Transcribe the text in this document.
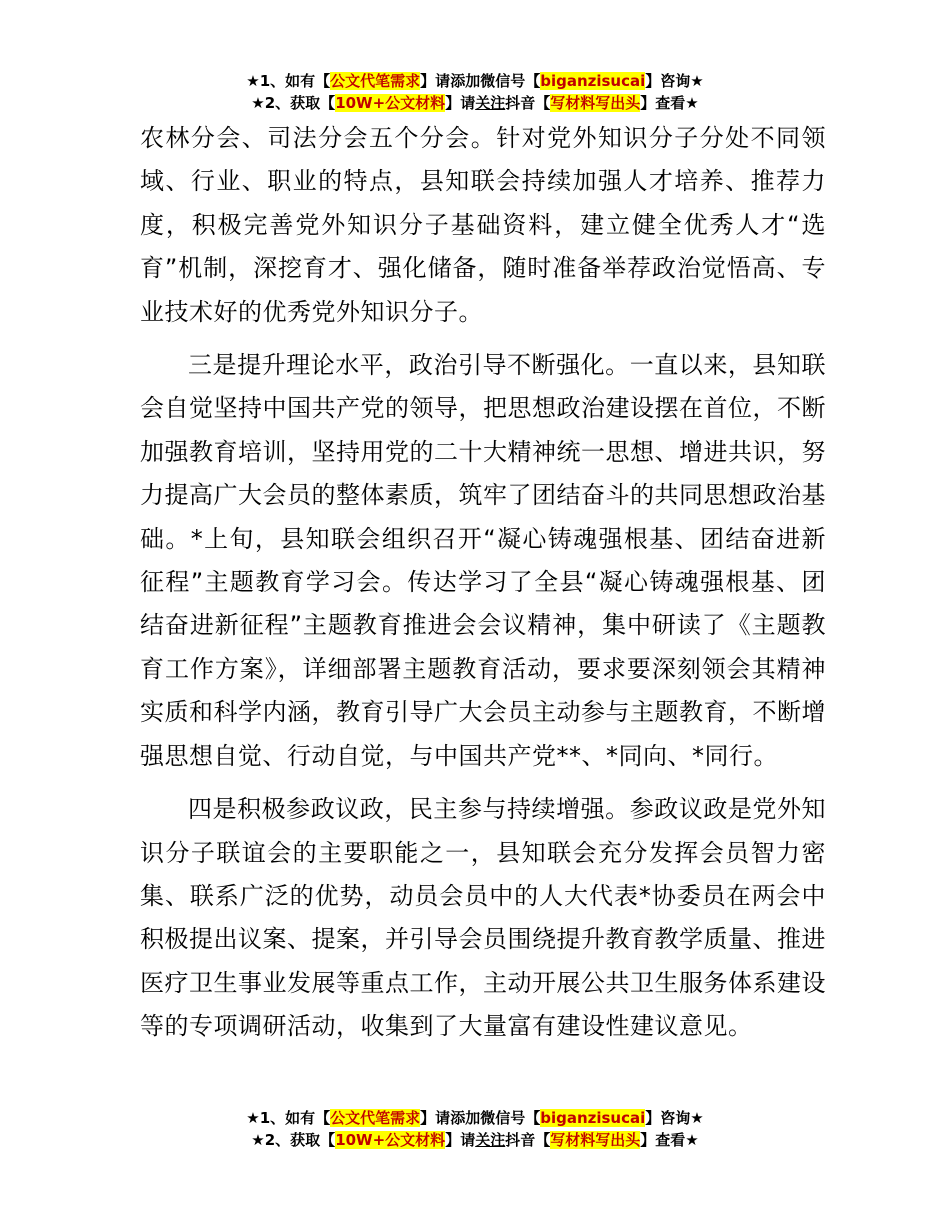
★1、如有【公文代笔需求】请添加微信号【biganzisucai】咨询★
★2、获取【10W+公文材料】请关注抖音【写材料写出头】查看★

农林分会、司法分会五个分会。针对党外知识分子分处不同领域、行业、职业的特点，县知联会持续加强人才培养、推荐力度，积极完善党外知识分子基础资料，建立健全优秀人才“选育”机制，深挖育才、强化储备，随时准备举荐政治觉悟高、专业技术好的优秀党外知识分子。

三是提升理论水平，政治引导不断强化。一直以来，县知联会自觉坚持中国共产党的领导，把思想政治建设摆在首位，不断加强教育培训，坚持用党的二十大精神统一思想、增进共识，努力提高广大会员的整体素质，筑牢了团结奋斗的共同思想政治基础。*上旬，县知联会组织召开“凝心铸魂强根基、团结奋进新征程”主题教育学习会。传达学习了全县“凝心铸魂强根基、团结奋进新征程”主题教育推进会会议精神，集中研读了《主题教育工作方案》，详细部署主题教育活动，要求要深刻领会其精神实质和科学内涵，教育引导广大会员主动参与主题教育，不断增强思想自觉、行动自觉，与中国共产党**、*同向、*同行。

四是积极参政议政，民主参与持续增强。参政议政是党外知识分子联谊会的主要职能之一，县知联会充分发挥会员智力密集、联系广泛的优势，动员会员中的人大代表*协委员在两会中积极提出议案、提案，并引导会员围绕提升教育教学质量、推进医疗卫生事业发展等重点工作，主动开展公共卫生服务体系建设等的专项调研活动，收集到了大量富有建设性建议意见。

★1、如有【公文代笔需求】请添加微信号【biganzisucai】咨询★
★2、获取【10W+公文材料】请关注抖音【写材料写出头】查看★
